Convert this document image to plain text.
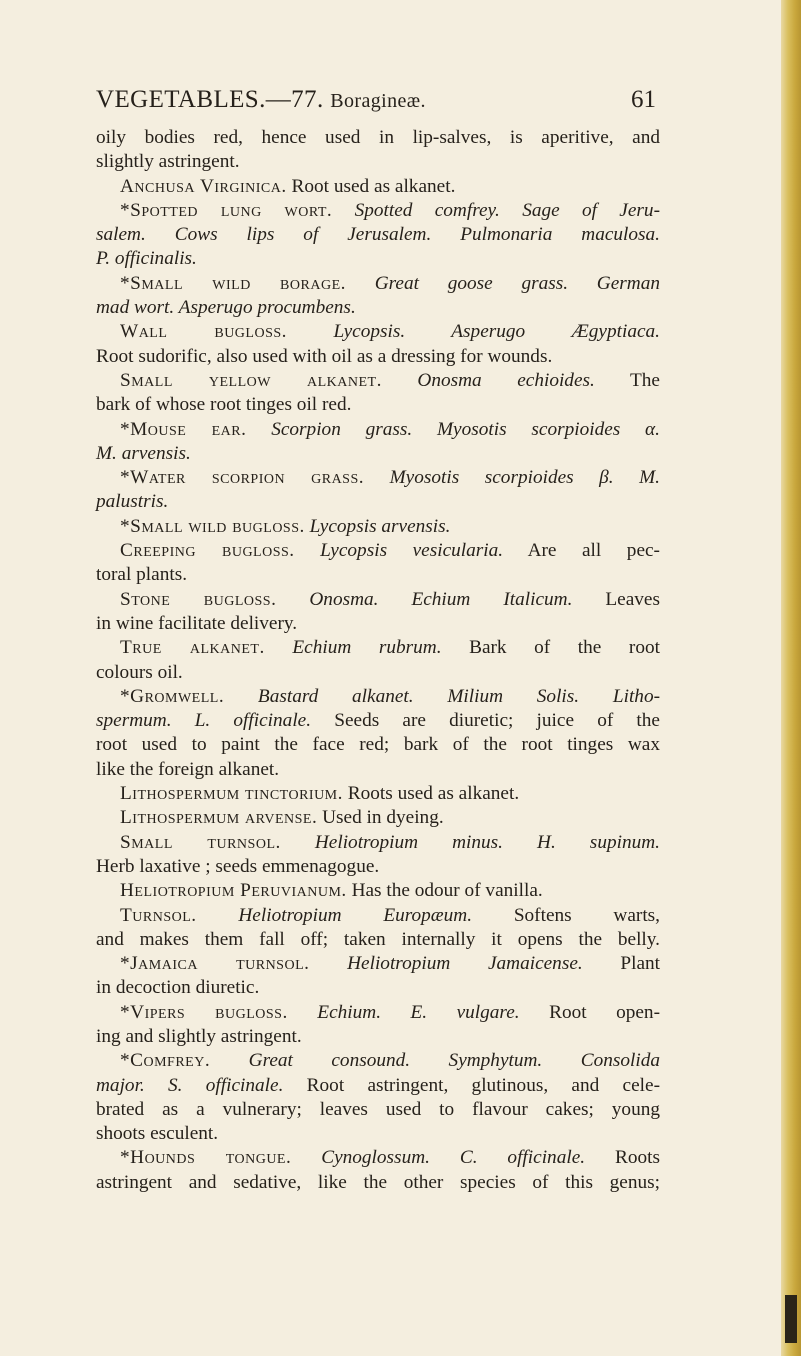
VEGETABLES.—77. Boragineæ.	61
oily bodies red, hence used in lip-salves, is aperitive, and
slightly astringent.
Anchusa Virginica. Root used as alkanet.
*Spotted lung wort. Spotted comfrey. Sage of Jeru-
salem. Cows lips of Jerusalem. Pulmonaria maculosa.
P. officinalis.
*Small wild borage. Great goose grass. German
mad wort. Asperugo procumbens.
Wall bugloss. Lycopsis. Asperugo Ægyptiaca.
Root sudorific, also used with oil as a dressing for wounds.
Small yellow alkanet. Onosma echioides. The
bark of whose root tinges oil red.
*Mouse ear. Scorpion grass. Myosotis scorpioides α.
M. arvensis.
*Water scorpion grass. Myosotis scorpioides β. M.
palustris.
*Small wild bugloss. Lycopsis arvensis.
Creeping bugloss. Lycopsis vesicularia. Are all pec-
toral plants.
Stone bugloss. Onosma. Echium Italicum. Leaves
in wine facilitate delivery.
True alkanet. Echium rubrum. Bark of the root
colours oil.
*Gromwell. Bastard alkanet. Milium Solis. Litho-
spermum. L. officinale. Seeds are diuretic; juice of the
root used to paint the face red; bark of the root tinges wax
like the foreign alkanet.
Lithospermum tinctorium. Roots used as alkanet.
Lithospermum arvense. Used in dyeing.
Small turnsol. Heliotropium minus. H. supinum.
Herb laxative ; seeds emmenagogue.
Heliotropium Peruvianum. Has the odour of vanilla.
Turnsol. Heliotropium Europæum. Softens warts,
and makes them fall off; taken internally it opens the belly.
*Jamaica turnsol. Heliotropium Jamaicense. Plant
in decoction diuretic.
*Vipers bugloss. Echium. E. vulgare. Root open-
ing and slightly astringent.
*Comfrey. Great consound. Symphytum. Consolida
major. S. officinale. Root astringent, glutinous, and cele-
brated as a vulnerary; leaves used to flavour cakes; young
shoots esculent.
*Hounds tongue. Cynoglossum. C. officinale. Roots
astringent and sedative, like the other species of this genus;
